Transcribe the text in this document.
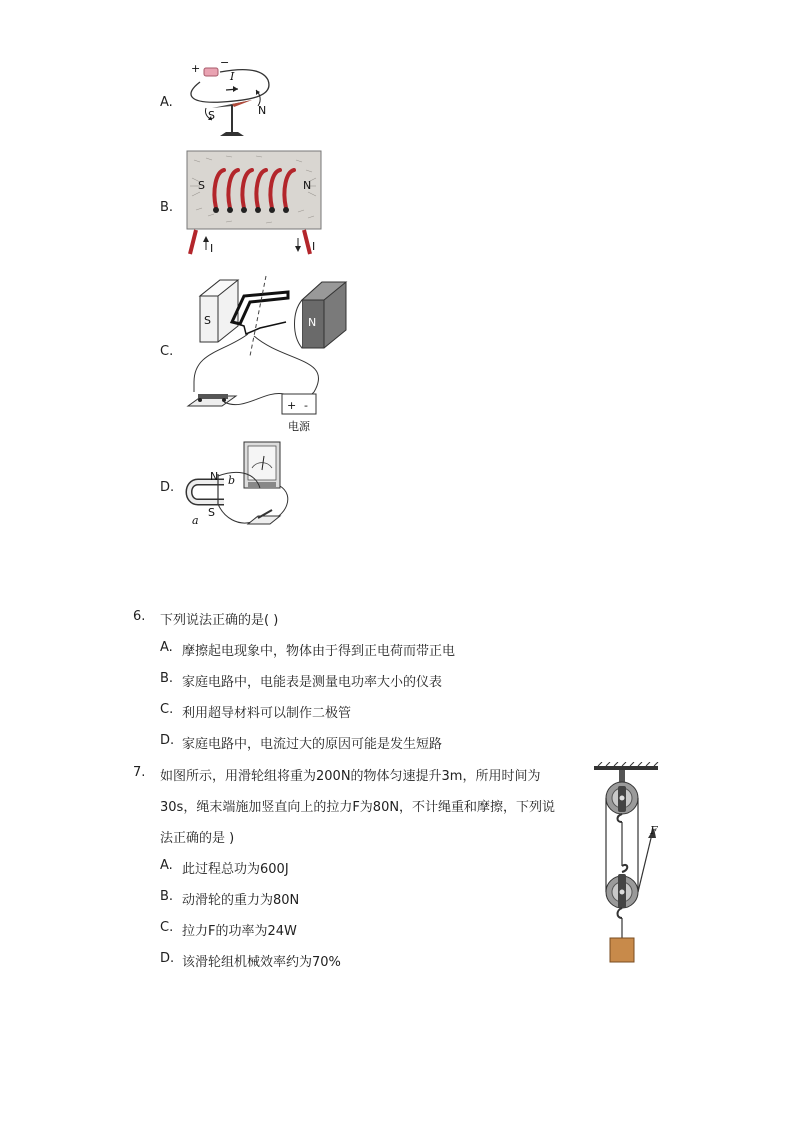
A.
+ −
I
S	N
B.
S	N
I	I
C.
S	N
+ -
电源
D.
N
S
b
a
6. 下列说法正确的是( )
A. 摩擦起电现象中，物体由于得到正电荷而带正电
B. 家庭电路中，电能表是测量电功率大小的仪表
C. 利用超导材料可以制作二极管
D. 家庭电路中，电流过大的原因可能是发生短路
7. 如图所示，用滑轮组将重为200N的物体匀速提升3m，所用时间为
30s，绳末端施加竖直向上的拉力F为80N，不计绳重和摩擦，下列说
法正确的是 )
A. 此过程总功为600J
B. 动滑轮的重力为80N
C. 拉力F的功率为24W
D. 该滑轮组机械效率约为70%
F
